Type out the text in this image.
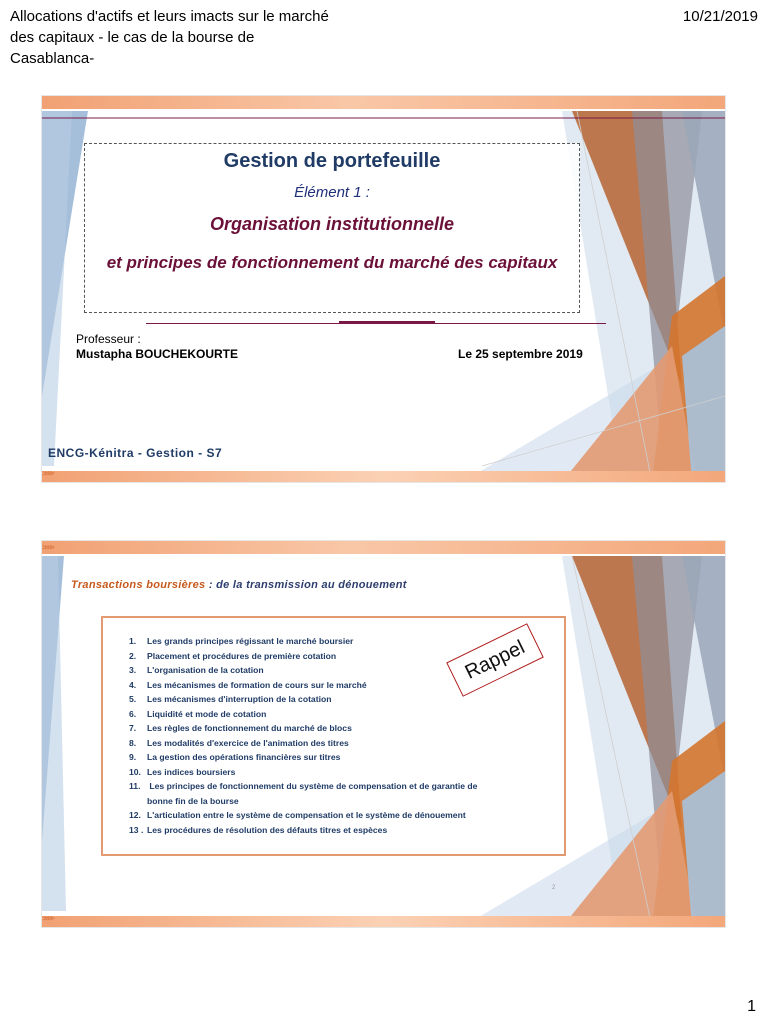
Allocations d'actifs et leurs imacts sur le marché des capitaux - le cas de la bourse de Casablanca-
10/21/2019
Gestion de portefeuille
Élément 1 :
Organisation institutionnelle
et principes de fonctionnement du marché des capitaux
Professeur :
Mustapha BOUCHEKOURTE	Le 25 septembre 2019
ENCG-Kénitra - Gestion - S7
>>>>
>>>>
Transactions boursières : de la transmission au dénouement
1. Les grands principes régissant le marché boursier
2. Placement et procédures de première cotation
3. L'organisation de la cotation
4. Les mécanismes de formation de cours sur le marché
5. Les mécanismes d'interruption de la cotation
6. Liquidité et mode de cotation
7. Les règles de fonctionnement du marché de blocs
8. Les modalités d'exercice de l'animation des titres
9. La gestion des opérations financières sur titres
10. Les indices boursiers
11. Les principes de fonctionnement du système de compensation et de garantie de
bonne fin de la bourse
12. L'articulation entre le système de compensation et le système de dénouement
13 . Les procédures de résolution des défauts titres et espèces
Rappel
2
>>>>
1
